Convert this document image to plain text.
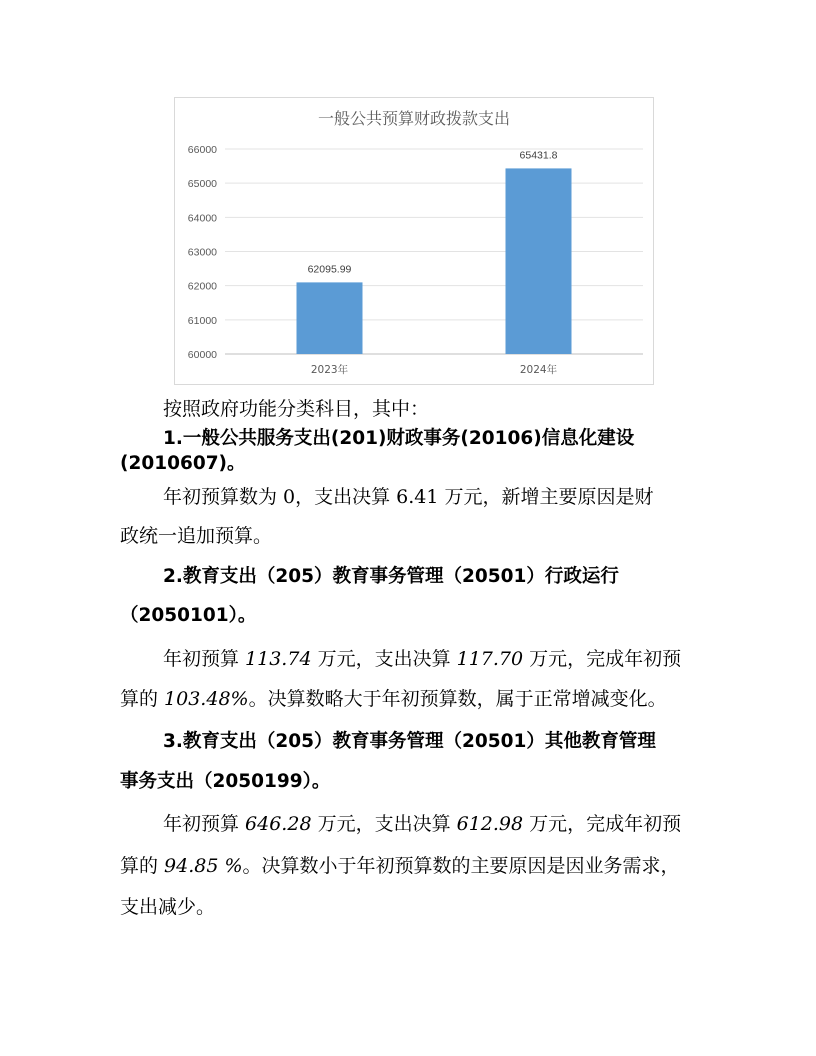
一般公共预算财政拨款支出
60000
61000
62000
63000
64000
65000
66000
62095.99
65431.8
2023年	2024年
按照政府功能分类科目，其中：
1.一般公共服务支出(201)财政事务(20106)信息化建设
(2010607)。
年初预算数为 0，支出决算 6.41 万元，新增主要原因是财
政统一追加预算。
2.教育支出（205）教育事务管理（20501）行政运行
（2050101）。
年初预算 113.74 万元，支出决算 117.70 万元，完成年初预
算的 103.48%。决算数略大于年初预算数，属于正常增减变化。
3.教育支出（205）教育事务管理（20501）其他教育管理
事务支出（2050199）。
年初预算 646.28 万元，支出决算 612.98 万元，完成年初预
算的 94.85 %。决算数小于年初预算数的主要原因是因业务需求，
支出减少。
